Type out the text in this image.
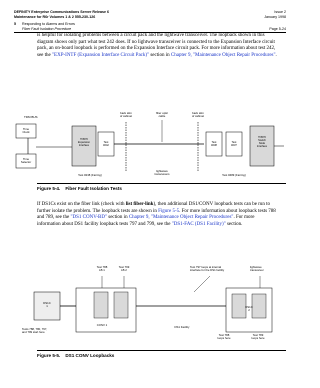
DEFINITY Enterprise Communications Server Release 6
Maintenance for R6r Volumes 1 & 2 555-230-126
Issue 2
January 1998
5 Responding to Alarms and Errors
Fiber Fault Isolation Procedure	Page 5-24
is helpful for isolating problems between a circuit pack and the lightwave transceiver. The loopback shown in this diagram shows only part what test 242 does. If no lightwave transceiver is connected to the Expansion Interface circuit pack, an on-board loopback is performed on the Expansion Interface circuit pack. For more information about test 242, see the "EXP-INTF (Expansion Interface Circuit Pack)" section in Chapter 9, "Maintenance Object Repair Procedures".
TDM BUS
Time Clock
Time Selector
back skin of cabinet
TN570 Expansion Interface
Test #242
fiber optic cable
back skin of cabinet
Test #238
Test #237
TN570 Switch Node Interface
Test #238 (Farring)
lightwave transceivers	Test #489 (Farring)
Figure 5-4. Fiber Fault Isolation Tests
If DS1Cs exist on the fiber link (check with list fiber-link), then additional DS1/CONV loopback tests can be run to further isolate the problem. The loopback tests are shown in Figure 5-5. For more information about loopback tests 788 and 789, see the "DS1 CONV-BD" section in Chapter 9, "Maintenance Object Repair Procedures". For more information about DS1 facility loopback tests 797 and 799, see the "DS1-FAC (DS1 Facility)" section.
Test 788 LB 1
Test 799 LB 2
Test 797 loops at internal interface for the DS1 facility
lightwave transceiver
DS1C 1
CONV 1	DS1 Facility
DS1C 2
Tests 788, 780, 797, and 799 start here
Test 788 loops here
Test 789 loops here
Figure 5-5. DS1 CONV Loopbacks
